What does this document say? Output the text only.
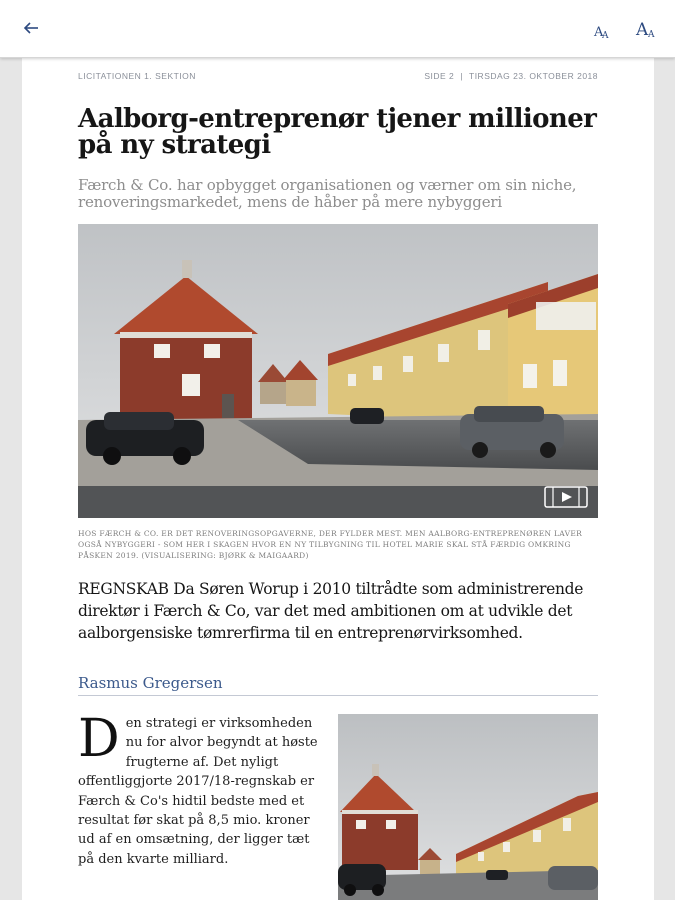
A
A A A
LICITATIONEN 1. SEKTION	SIDE 2 | TIRSDAG 23. OKTOBER 2018
Aalborg-entreprenør tjener millioner på ny strategi

Færch & Co. har opbygget organisationen og værner om sin niche, renoveringsmarkedet, mens de håber på mere nybyggeri

HOS FÆRCH & CO. ER DET RENOVERINGSOPGAVERNE, DER FYLDER MEST. MEN AALBORG-ENTREPRENØREN LAVER OGSÅ NYBYGGERI - SOM HER I SKAGEN HVOR EN NY TILBYGNING TIL HOTEL MARIE SKAL STÅ FÆRDIG OMKRING PÅSKEN 2019. (VISUALISERING: BJØRK & MAIGAARD)

REGNSKAB Da Søren Worup i 2010 tiltrådte som administrerende direktør i Færch & Co, var det med ambitionen om at udvikle det aalborgensiske tømrerfirma til en entreprenørvirksomhed.

Rasmus Gregersen
Den strategi er virksomheden nu for alvor begyndt at høste frugterne af. Det nyligt offentliggjorte 2017/18-regnskab er Færch & Co's hidtil bedste med et resultat før skat på 8,5 mio. kroner ud af en omsætning, der ligger tæt på den kvarte milliard.
